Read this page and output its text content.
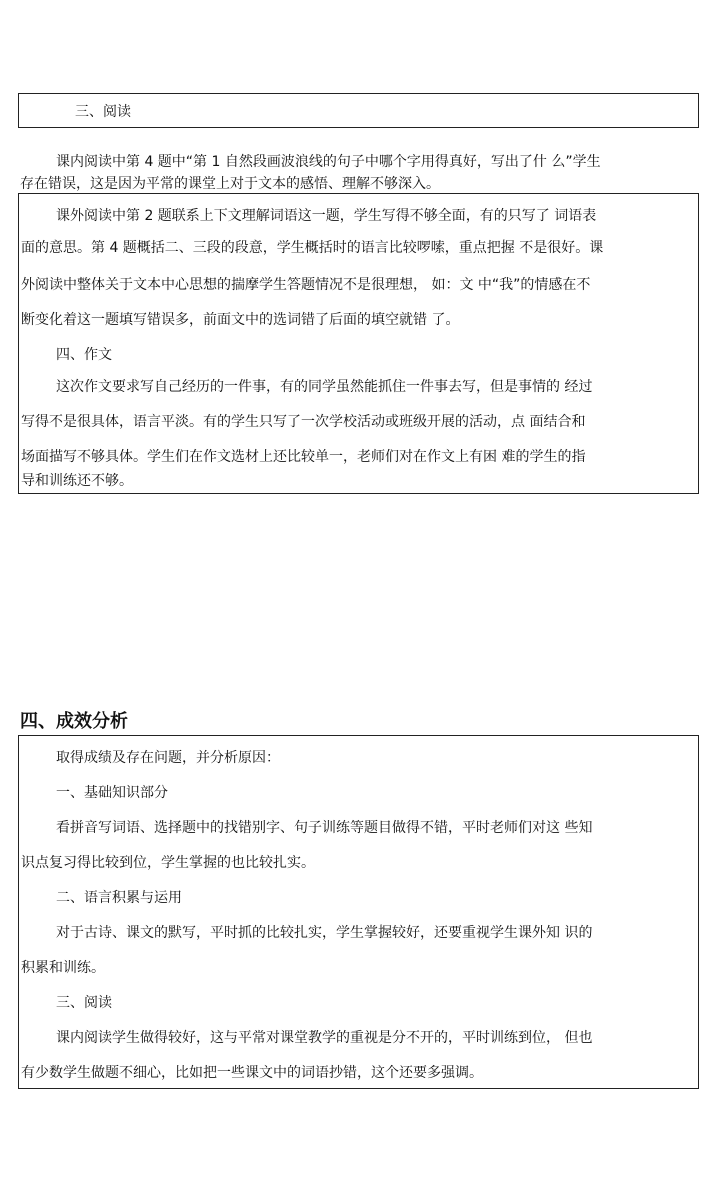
三、阅读
课内阅读中第 4 题中“第 1 自然段画波浪线的句子中哪个字用得真好，写出了什 么”学生
存在错误，这是因为平常的课堂上对于文本的感悟、理解不够深入。
课外阅读中第 2 题联系上下文理解词语这一题，学生写得不够全面，有的只写了 词语表
面的意思。第 4 题概括二、三段的段意，学生概括时的语言比较啰嗦，重点把握 不是很好。课
外阅读中整体关于文本中心思想的揣摩学生答题情况不是很理想， 如：文 中“我”的情感在不
断变化着这一题填写错误多，前面文中的选词错了后面的填空就错 了。
四、作文
这次作文要求写自己经历的一件事，有的同学虽然能抓住一件事去写，但是事情的 经过
写得不是很具体，语言平淡。有的学生只写了一次学校活动或班级开展的活动，点 面结合和
场面描写不够具体。学生们在作文选材上还比较单一，老师们对在作文上有困 难的学生的指
导和训练还不够。
四、成效分析
取得成绩及存在问题，并分析原因：
一、基础知识部分
看拼音写词语、选择题中的找错别字、句子训练等题目做得不错，平时老师们对这 些知
识点复习得比较到位，学生掌握的也比较扎实。
二、语言积累与运用
对于古诗、课文的默写，平时抓的比较扎实，学生掌握较好，还要重视学生课外知 识的
积累和训练。
三、阅读
课内阅读学生做得较好，这与平常对课堂教学的重视是分不开的，平时训练到位， 但也
有少数学生做题不细心，比如把一些课文中的词语抄错，这个还要多强调。
